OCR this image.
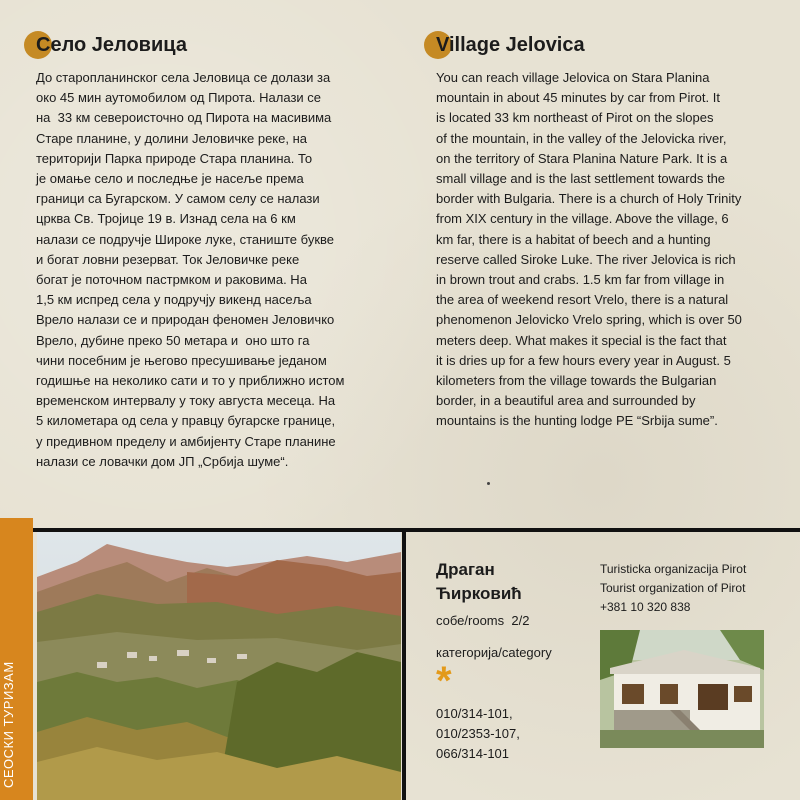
Село Јеловица

До старопланинског села Јеловица се долази за
око 45 мин аутомобилом од Пирота. Налази се
на  33 км североисточно од Пирота на масивима
Старе планине, у долини Јеловичке реке, на
територији Парка природе Стара планина. То
је омање село и последње је насеље према
граници са Бугарском. У самом селу се налази
црква Св. Тројице 19 в. Изнад села на 6 км
налази се подручје Широке луке, станиште букве
и богат ловни резерват. Ток Јеловичке реке
богат је поточном пастрмком и раковима. На
1,5 км испред села у подручју викенд насеља
Врело налази се и природан феномен Јеловичко
Врело, дубине преко 50 метара и  оно што га
чини посебним је његово пресушивање једаном
годишње на неколико сати и то у приближно истом
временском интервалу у току августа месеца. На
5 километара од села у правцу бугарске границе,
у предивном пределу и амбијенту Старе планине
налази се ловачки дом ЈП „Србија шуме“.

Village Jelovica

You can reach village Jelovica on Stara Planina
mountain in about 45 minutes by car from Pirot. It
is located 33 km northeast of Pirot on the slopes
of the mountain, in the valley of the Jelovicka river,
on the territory of Stara Planina Nature Park. It is a
small village and is the last settlement towards the
border with Bulgaria. There is a church of Holy Trinity
from XIX century in the village. Above the village, 6
km far, there is a habitat of beech and a hunting
reserve called Siroke Luke. The river Jelovica is rich
in brown trout and crabs. 1.5 km far from village in
the area of weekend resort Vrelo, there is a natural
phenomenon Jelovicko Vrelo spring, which is over 50
meters deep. What makes it special is the fact that
it is dries up for a few hours every year in August. 5
kilometers from the village towards the Bulgarian
border, in a beautiful area and surrounded by
mountains is the hunting lodge PE “Srbija sume”.

СЕОСКИ ТУРИЗАМ
Драган
Ћирковић

собе/rooms  2/2

категорија/category

*

010/314-101,
010/2353-107,
066/314-101

Turisticka organizacija Pirot
Tourist organization of Pirot
+381 10 320 838
